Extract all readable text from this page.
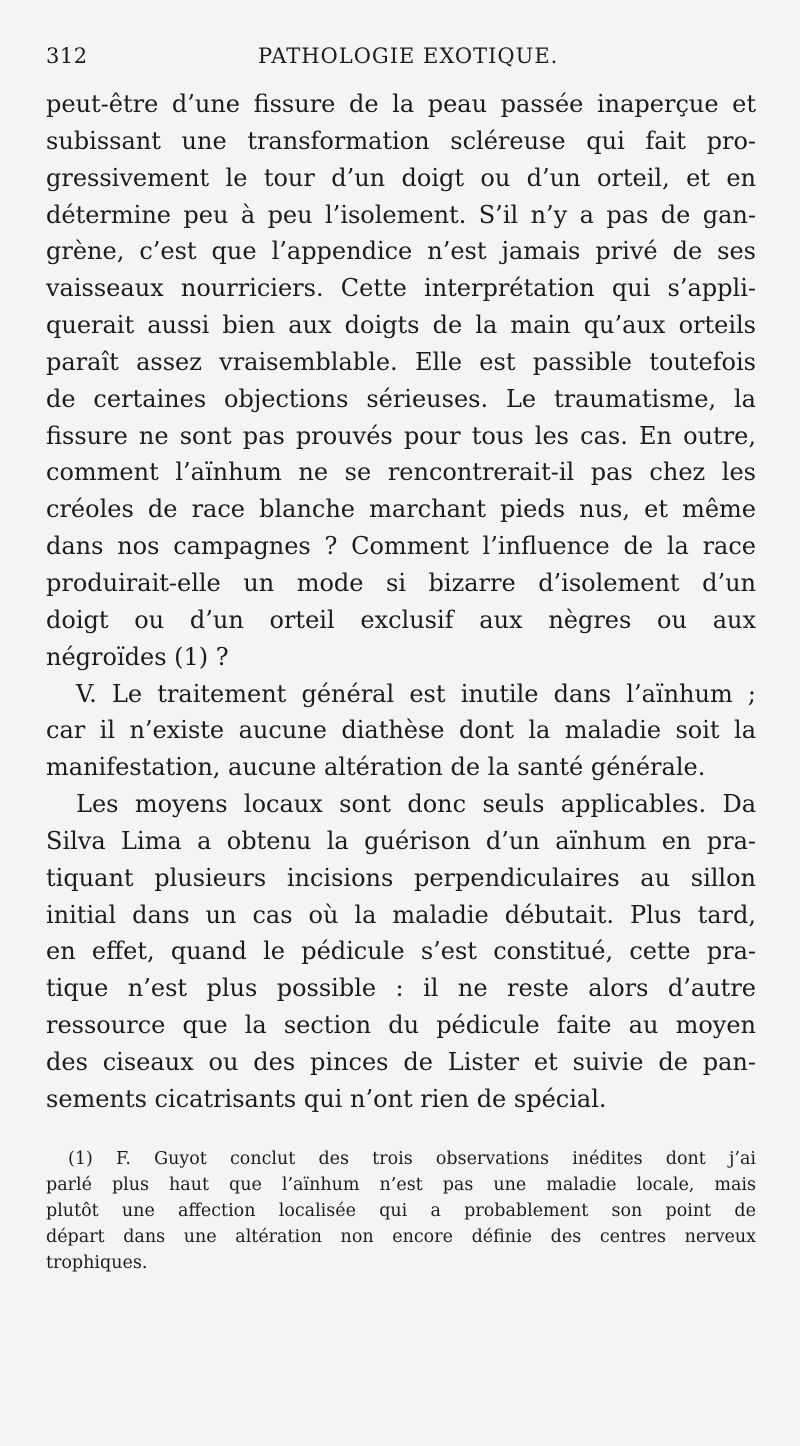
312	PATHOLOGIE EXOTIQUE.
peut-être d’une fissure de la peau passée inaperçue et
subissant une transformation scléreuse qui fait pro-
gressivement le tour d’un doigt ou d’un orteil, et en
détermine peu à peu l’isolement. S’il n’y a pas de gan-
grène, c’est que l’appendice n’est jamais privé de ses
vaisseaux nourriciers. Cette interprétation qui s’appli-
querait aussi bien aux doigts de la main qu’aux orteils
paraît assez vraisemblable. Elle est passible toutefois
de certaines objections sérieuses. Le traumatisme, la
fissure ne sont pas prouvés pour tous les cas. En outre,
comment l’aïnhum ne se rencontrerait-il pas chez les
créoles de race blanche marchant pieds nus, et même
dans nos campagnes ? Comment l’influence de la race
produirait-elle un mode si bizarre d’isolement d’un
doigt ou d’un orteil exclusif aux nègres ou aux
négroïdes (1) ?
V. Le traitement général est inutile dans l’aïnhum ;
car il n’existe aucune diathèse dont la maladie soit la
manifestation, aucune altération de la santé générale.
Les moyens locaux sont donc seuls applicables. Da
Silva Lima a obtenu la guérison d’un aïnhum en pra-
tiquant plusieurs incisions perpendiculaires au sillon
initial dans un cas où la maladie débutait. Plus tard,
en effet, quand le pédicule s’est constitué, cette pra-
tique n’est plus possible : il ne reste alors d’autre
ressource que la section du pédicule faite au moyen
des ciseaux ou des pinces de Lister et suivie de pan-
sements cicatrisants qui n’ont rien de spécial.
(1) F. Guyot conclut des trois observations inédites dont j’ai
parlé plus haut que l’aïnhum n’est pas une maladie locale, mais
plutôt une affection localisée qui a probablement son point de
départ dans une altération non encore définie des centres nerveux
trophiques.
